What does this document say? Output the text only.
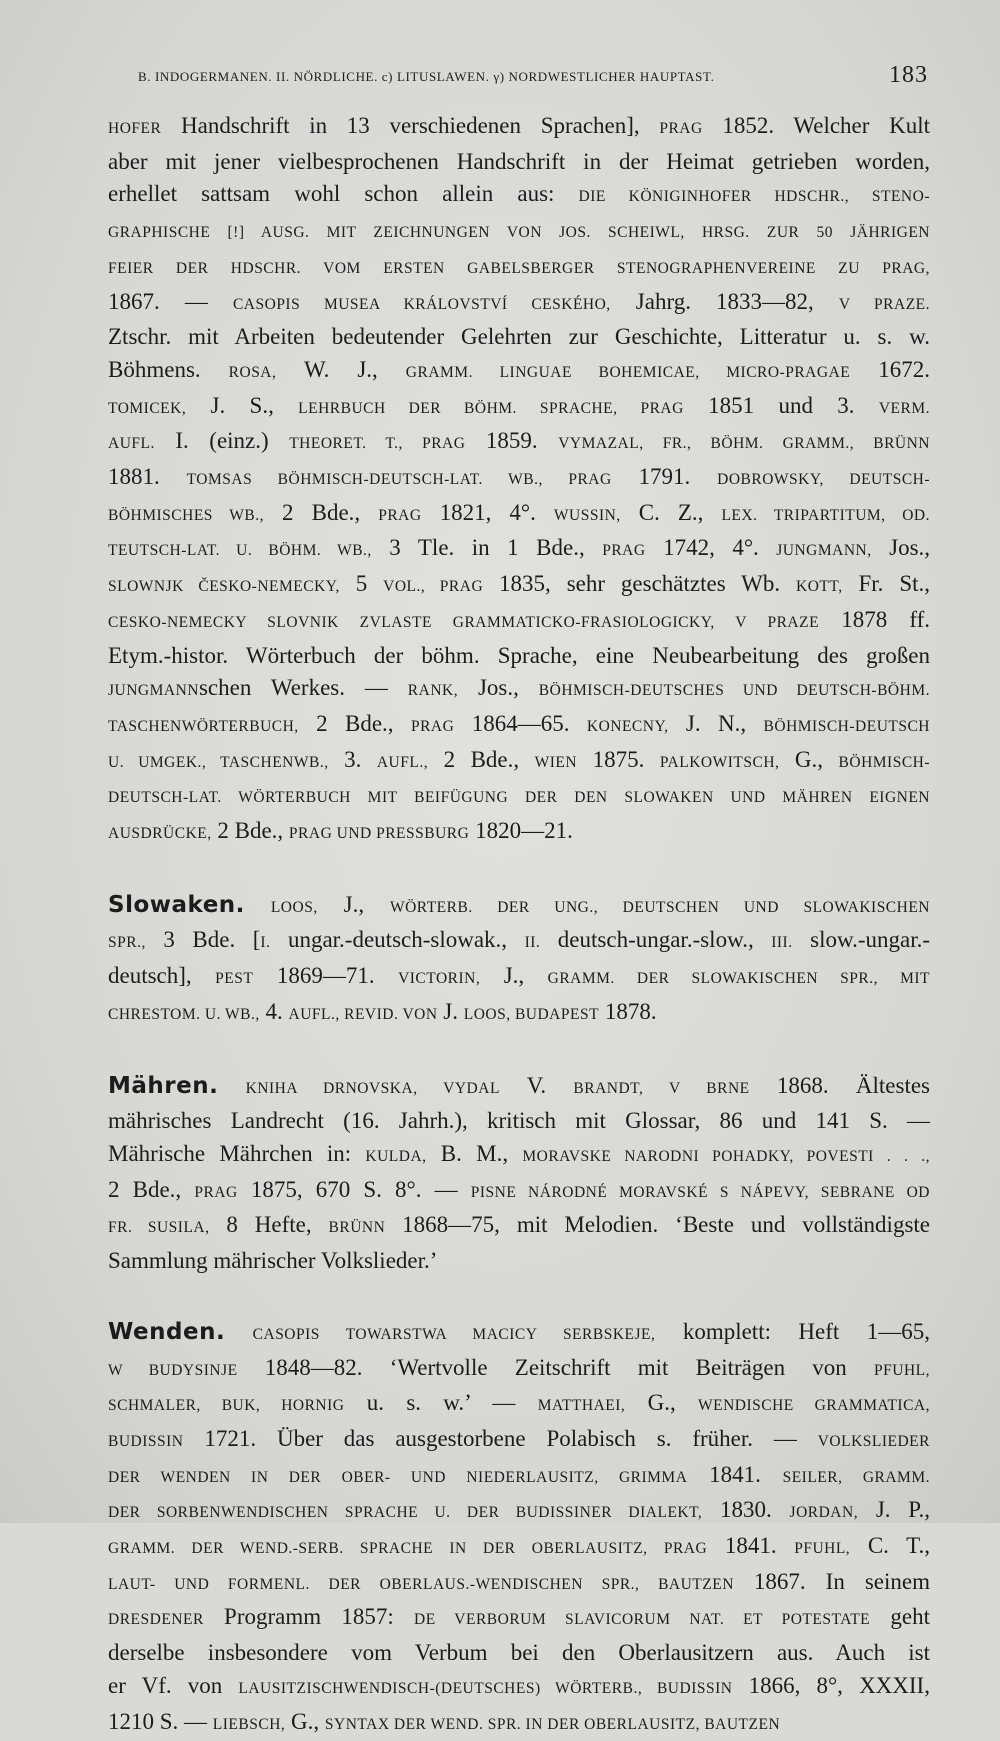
B. INDOGERMANEN. II. NÖRDLICHE. c) LITUSLAWEN. γ) NORDWESTLICHER HAUPTAST.	183
HOFER Handschrift in 13 verschiedenen Sprachen], PRAG 1852. Welcher Kult
aber mit jener vielbesprochenen Handschrift in der Heimat getrieben worden,
erhellet sattsam wohl schon allein aus: DIE KÖNIGINHOFER HDSCHR., STENO-
GRAPHISCHE [!] AUSG. MIT ZEICHNUNGEN VON JOS. SCHEIWL, HRSG. ZUR 50 JÄHRIGEN
FEIER DER HDSCHR. VOM ERSTEN GABELSBERGER STENOGRAPHENVEREINE ZU PRAG,
1867. — CASOPIS MUSEA KRÁLOVSTVÍ CESKÉHO, Jahrg. 1833—82, V PRAZE.
Ztschr. mit Arbeiten bedeutender Gelehrten zur Geschichte, Litteratur u. s. w.
Böhmens. ROSA, W. J., GRAMM. LINGUAE BOHEMICAE, MICRO-PRAGAE 1672.
TOMICEK, J. S., LEHRBUCH DER BÖHM. SPRACHE, PRAG 1851 und 3. VERM.
AUFL. I. (einz.) THEORET. T., PRAG 1859. VYMAZAL, FR., BÖHM. GRAMM., BRÜNN
1881. TOMSAS BÖHMISCH-DEUTSCH-LAT. WB., PRAG 1791. DOBROWSKY, DEUTSCH-
BÖHMISCHES WB., 2 Bde., PRAG 1821, 4°. WUSSIN, C. Z., LEX. TRIPARTITUM, OD.
TEUTSCH-LAT. U. BÖHM. WB., 3 Tle. in 1 Bde., PRAG 1742, 4°. JUNGMANN, Jos.,
SLOWNJK ČESKO-NEMECKY, 5 VOL., PRAG 1835, sehr geschätztes Wb. KOTT, Fr. St.,
CESKO-NEMECKY SLOVNIK ZVLASTE GRAMMATICKO-FRASIOLOGICKY, V PRAZE 1878 ff.
Etym.-histor. Wörterbuch der böhm. Sprache, eine Neubearbeitung des großen
JUNGMANNschen Werkes. — RANK, Jos., BÖHMISCH-DEUTSCHES UND DEUTSCH-BÖHM.
TASCHENWÖRTERBUCH, 2 Bde., PRAG 1864—65. KONECNY, J. N., BÖHMISCH-DEUTSCH
U. UMGEK., TASCHENWB., 3. AUFL., 2 Bde., WIEN 1875. PALKOWITSCH, G., BÖHMISCH-
DEUTSCH-LAT. WÖRTERBUCH MIT BEIFÜGUNG DER DEN SLOWAKEN UND MÄHREN EIGNEN
AUSDRÜCKE, 2 Bde., PRAG UND PRESSBURG 1820—21.
Slowaken. LOOS, J., WÖRTERB. DER UNG., DEUTSCHEN UND SLOWAKISCHEN
SPR., 3 Bde. [I. ungar.-deutsch-slowak., II. deutsch-ungar.-slow., III. slow.-ungar.-
deutsch], PEST 1869—71. VICTORIN, J., GRAMM. DER SLOWAKISCHEN SPR., MIT
CHRESTOM. U. WB., 4. AUFL., REVID. VON J. LOOS, BUDAPEST 1878.
Mähren. KNIHA DRNOVSKA, VYDAL V. BRANDT, V BRNE 1868. Ältestes
mährisches Landrecht (16. Jahrh.), kritisch mit Glossar, 86 und 141 S. —
Mährische Mährchen in: KULDA, B. M., MORAVSKE NARODNI POHADKY, POVESTI . . .,
2 Bde., PRAG 1875, 670 S. 8°. — PISNE NÁRODNÉ MORAVSKÉ S NÁPEVY, SEBRANE OD
FR. SUSILA, 8 Hefte, BRÜNN 1868—75, mit Melodien. ‘Beste und vollständigste
Sammlung mährischer Volkslieder.’
Wenden. CASOPIS TOWARSTWA MACICY SERBSKEJE, komplett: Heft 1—65,
W BUDYSINJE 1848—82. ‘Wertvolle Zeitschrift mit Beiträgen von PFUHL,
SCHMALER, BUK, HORNIG u. s. w.’ — MATTHAEI, G., WENDISCHE GRAMMATICA,
BUDISSIN 1721. Über das ausgestorbene Polabisch s. früher. — VOLKSLIEDER
DER WENDEN IN DER OBER- UND NIEDERLAUSITZ, GRIMMA 1841. SEILER, GRAMM.
DER SORBENWENDISCHEN SPRACHE U. DER BUDISSINER DIALEKT, 1830. JORDAN, J. P.,
GRAMM. DER WEND.-SERB. SPRACHE IN DER OBERLAUSITZ, PRAG 1841. PFUHL, C. T.,
LAUT- UND FORMENL. DER OBERLAUS.-WENDISCHEN SPR., BAUTZEN 1867. In seinem
DRESDENER Programm 1857: DE VERBORUM SLAVICORUM NAT. ET POTESTATE geht
derselbe insbesondere vom Verbum bei den Oberlausitzern aus. Auch ist
er Vf. von LAUSITZISCHWENDISCH-(DEUTSCHES) WÖRTERB., BUDISSIN 1866, 8°, XXXII,
1210 S. — LIEBSCH, G., SYNTAX DER WEND. SPR. IN DER OBERLAUSITZ, BAUTZEN
